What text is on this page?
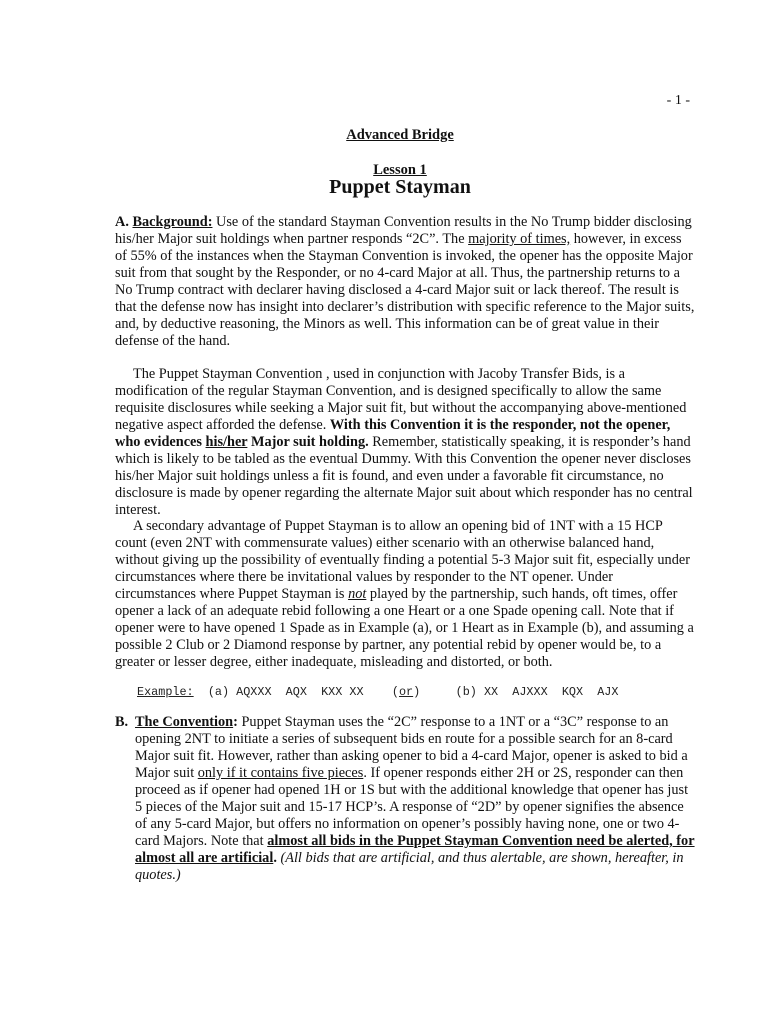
- 1 -
Advanced Bridge
Lesson 1
Puppet Stayman
A. Background: Use of the standard Stayman Convention results in the No Trump bidder disclosing his/her Major suit holdings when partner responds “2C”. The majority of times, however, in excess of 55% of the instances when the Stayman Convention is invoked, the opener has the opposite Major suit from that sought by the Responder, or no 4-card Major at all. Thus, the partnership returns to a No Trump contract with declarer having disclosed a 4-card Major suit or lack thereof. The result is that the defense now has insight into declarer’s distribution with specific reference to the Major suits, and, by deductive reasoning, the Minors as well. This information can be of great value in their defense of the hand.
The Puppet Stayman Convention , used in conjunction with Jacoby Transfer Bids, is a modification of the regular Stayman Convention, and is designed specifically to allow the same requisite disclosures while seeking a Major suit fit, but without the accompanying above-mentioned negative aspect afforded the defense. With this Convention it is the responder, not the opener, who evidences his/her Major suit holding. Remember, statistically speaking, it is responder’s hand which is likely to be tabled as the eventual Dummy. With this Convention the opener never discloses his/her Major suit holdings unless a fit is found, and even under a favorable fit circumstance, no disclosure is made by opener regarding the alternate Major suit about which responder has no central interest.
A secondary advantage of Puppet Stayman is to allow an opening bid of 1NT with a 15 HCP count (even 2NT with commensurate values) either scenario with an otherwise balanced hand, without giving up the possibility of eventually finding a potential 5-3 Major suit fit, especially under circumstances where there be invitational values by responder to the NT opener. Under circumstances where Puppet Stayman is not played by the partnership, such hands, oft times, offer opener a lack of an adequate rebid following a one Heart or a one Spade opening call. Note that if opener were to have opened 1 Spade as in Example (a), or 1 Heart as in Example (b), and assuming a possible 2 Club or 2 Diamond response by partner, any potential rebid by opener would be, to a greater or lesser degree, either inadequate, misleading and distorted, or both.
Example: (a) AQXXX  AQX  KXX XX    (or)     (b) XX  AJXXX  KQX  AJX
B. The Convention: Puppet Stayman uses the “2C” response to a 1NT or a “3C” response to an opening 2NT to initiate a series of subsequent bids en route for a possible search for an 8-card Major suit fit. However, rather than asking opener to bid a 4-card Major, opener is asked to bid a Major suit only if it contains five pieces. If opener responds either 2H or 2S, responder can then proceed as if opener had opened 1H or 1S but with the additional knowledge that opener has just 5 pieces of the Major suit and 15-17 HCP’s. A response of “2D” by opener signifies the absence of any 5-card Major, but offers no information on opener’s possibly having none, one or two 4-card Majors. Note that almost all bids in the Puppet Stayman Convention need be alerted, for almost all are artificial. (All bids that are artificial, and thus alertable, are shown, hereafter, in quotes.)
